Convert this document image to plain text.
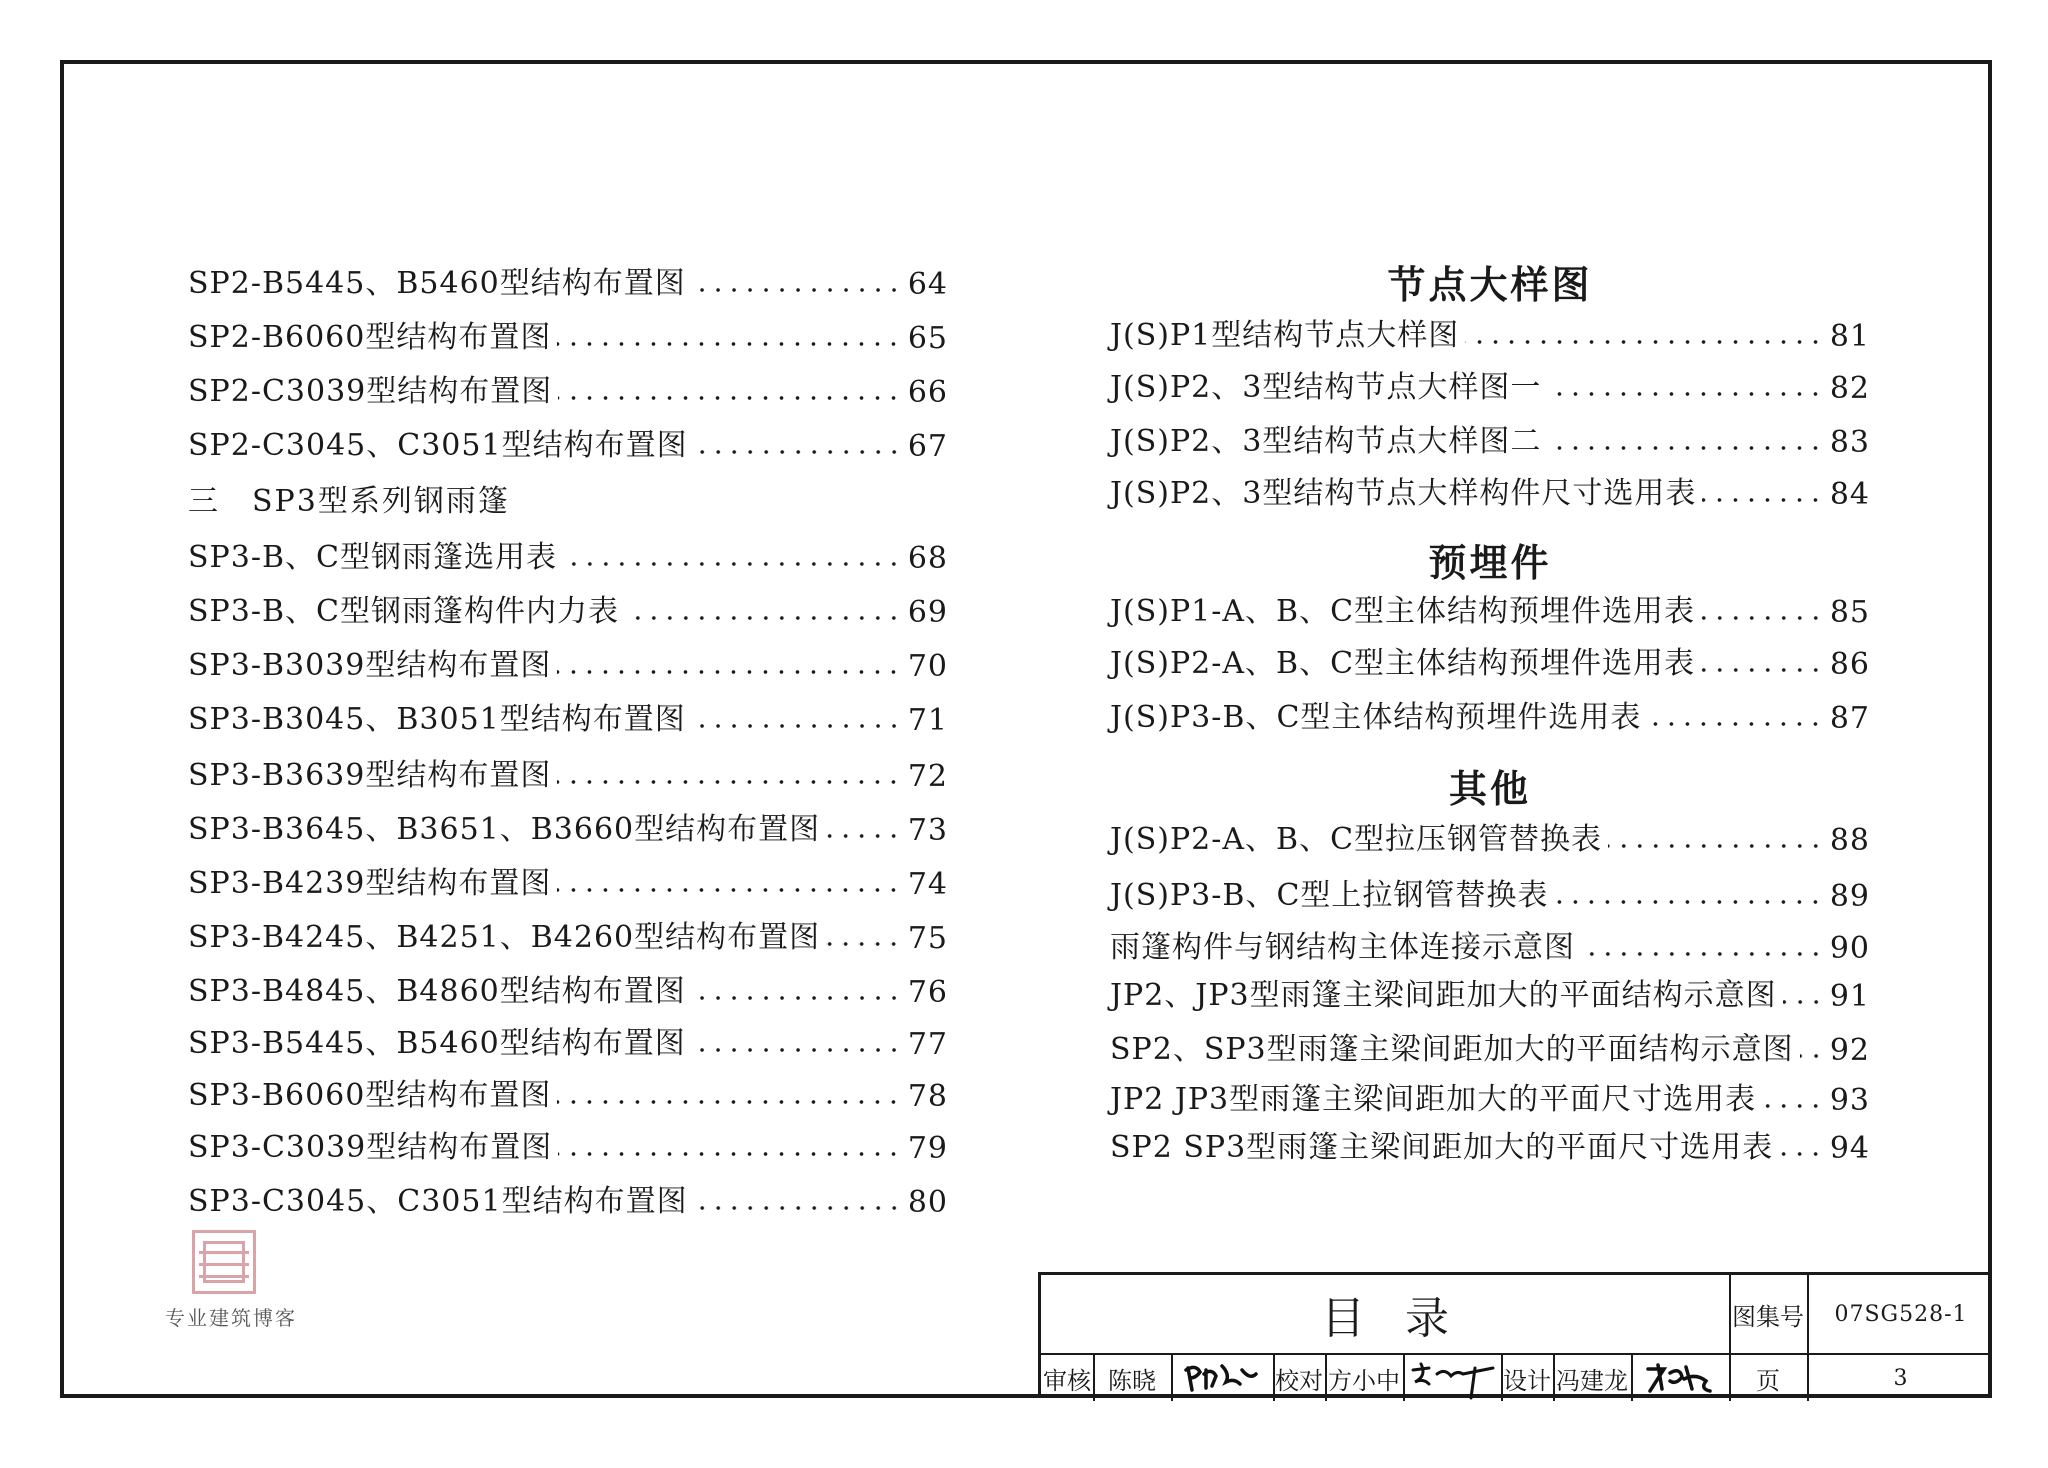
SP2-B5445、B5460型结构布置图	64
SP2-B6060型结构布置图	65
SP2-C3039型结构布置图	66
SP2-C3045、C3051型结构布置图	67
三 SP3型系列钢雨篷
SP3-B、C型钢雨篷选用表	68
SP3-B、C型钢雨篷构件内力表	69
SP3-B3039型结构布置图	70
SP3-B3045、B3051型结构布置图	71
SP3-B3639型结构布置图	72
SP3-B3645、B3651、B3660型结构布置图	73
SP3-B4239型结构布置图	74
SP3-B4245、B4251、B4260型结构布置图	75
SP3-B4845、B4860型结构布置图	76
SP3-B5445、B5460型结构布置图	77
SP3-B6060型结构布置图	78
SP3-C3039型结构布置图	79
SP3-C3045、C3051型结构布置图	80
节点大样图
J(S)P1型结构节点大样图	81
J(S)P2、3型结构节点大样图一	82
J(S)P2、3型结构节点大样图二	83
J(S)P2、3型结构节点大样构件尺寸选用表	84
预埋件
J(S)P1-A、B、C型主体结构预埋件选用表	85
J(S)P2-A、B、C型主体结构预埋件选用表	86
J(S)P3-B、C型主体结构预埋件选用表	87
其他
J(S)P2-A、B、C型拉压钢管替换表	88
J(S)P3-B、C型上拉钢管替换表	89
雨篷构件与钢结构主体连接示意图	90
JP2、JP3型雨篷主梁间距加大的平面结构示意图 91
SP2、SP3型雨篷主梁间距加大的平面结构示意图 92
JP2 JP3型雨篷主梁间距加大的平面尺寸选用表 93
SP2 SP3型雨篷主梁间距加大的平面尺寸选用表 94
专业建筑博客	目录	图集号	07SG528-1
审核 陈晓	校对 方小中	设计 冯建龙	页	3
